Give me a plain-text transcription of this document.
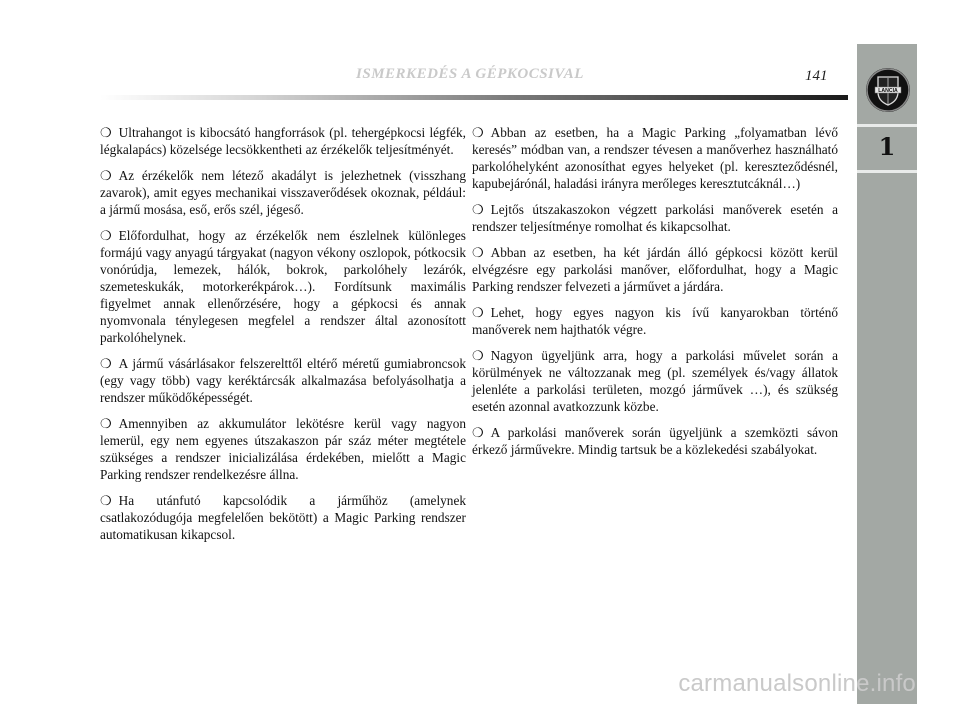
ISMERKEDÉS A GÉPKOCSIVAL	141
LANCIA
1

❍ Ultrahangot is kibocsátó hangforrások (pl. tehergépkocsi légfék, légkalapács) közelsége lecsökkentheti az érzékelők teljesítményét.

❍ Az érzékelők nem létező akadályt is jelezhetnek (visszhang zavarok), amit egyes mechanikai visszaverődések okoznak, például: a jármű mosása, eső, erős szél, jégeső.

❍ Előfordulhat, hogy az érzékelők nem észlelnek különleges formájú vagy anyagú tárgyakat (nagyon vékony oszlopok, pótkocsik vonórúdja, lemezek, hálók, bokrok, parkolóhely lezárók, szemeteskukák, motorkerékpárok…). Fordítsunk maximális figyelmet annak ellenőrzésére, hogy a gépkocsi és annak nyomvonala ténylegesen megfelel a rendszer által azonosított parkolóhelynek.

❍ A jármű vásárlásakor felszerelttől eltérő méretű gumiabroncsok (egy vagy több) vagy keréktárcsák alkalmazása befolyásolhatja a rendszer működőképességét.

❍ Amennyiben az akkumulátor lekötésre kerül vagy nagyon lemerül, egy nem egyenes útszakaszon pár száz méter megtétele szükséges a rendszer inicializálása érdekében, mielőtt a Magic Parking rendszer rendelkezésre állna.

❍ Ha utánfutó kapcsolódik a járműhöz (amelynek csatlakozódugója megfelelően bekötött) a Magic Parking rendszer automatikusan kikapcsol.

❍ Abban az esetben, ha a Magic Parking „folyamatban lévő keresés” módban van, a rendszer tévesen a manőverhez használható parkolóhelyként azonosíthat egyes helyeket (pl. kereszteződésnél, kapubejárónál, haladási irányra merőleges keresztutcáknál…)

❍ Lejtős útszakaszokon végzett parkolási manőverek esetén a rendszer teljesítménye romolhat és kikapcsolhat.

❍ Abban az esetben, ha két járdán álló gépkocsi között kerül elvégzésre egy parkolási manőver, előfordulhat, hogy a Magic Parking rendszer felvezeti a járművet a járdára.

❍ Lehet, hogy egyes nagyon kis ívű kanyarokban történő manőverek nem hajthatók végre.

❍ Nagyon ügyeljünk arra, hogy a parkolási művelet során a körülmények ne változzanak meg (pl. személyek és/vagy állatok jelenléte a parkolási területen, mozgó járművek …), és szükség esetén azonnal avatkozzunk közbe.

❍ A parkolási manőverek során ügyeljünk a szemközti sávon érkező járművekre. Mindig tartsuk be a közlekedési szabályokat.

carmanualsonline.info
